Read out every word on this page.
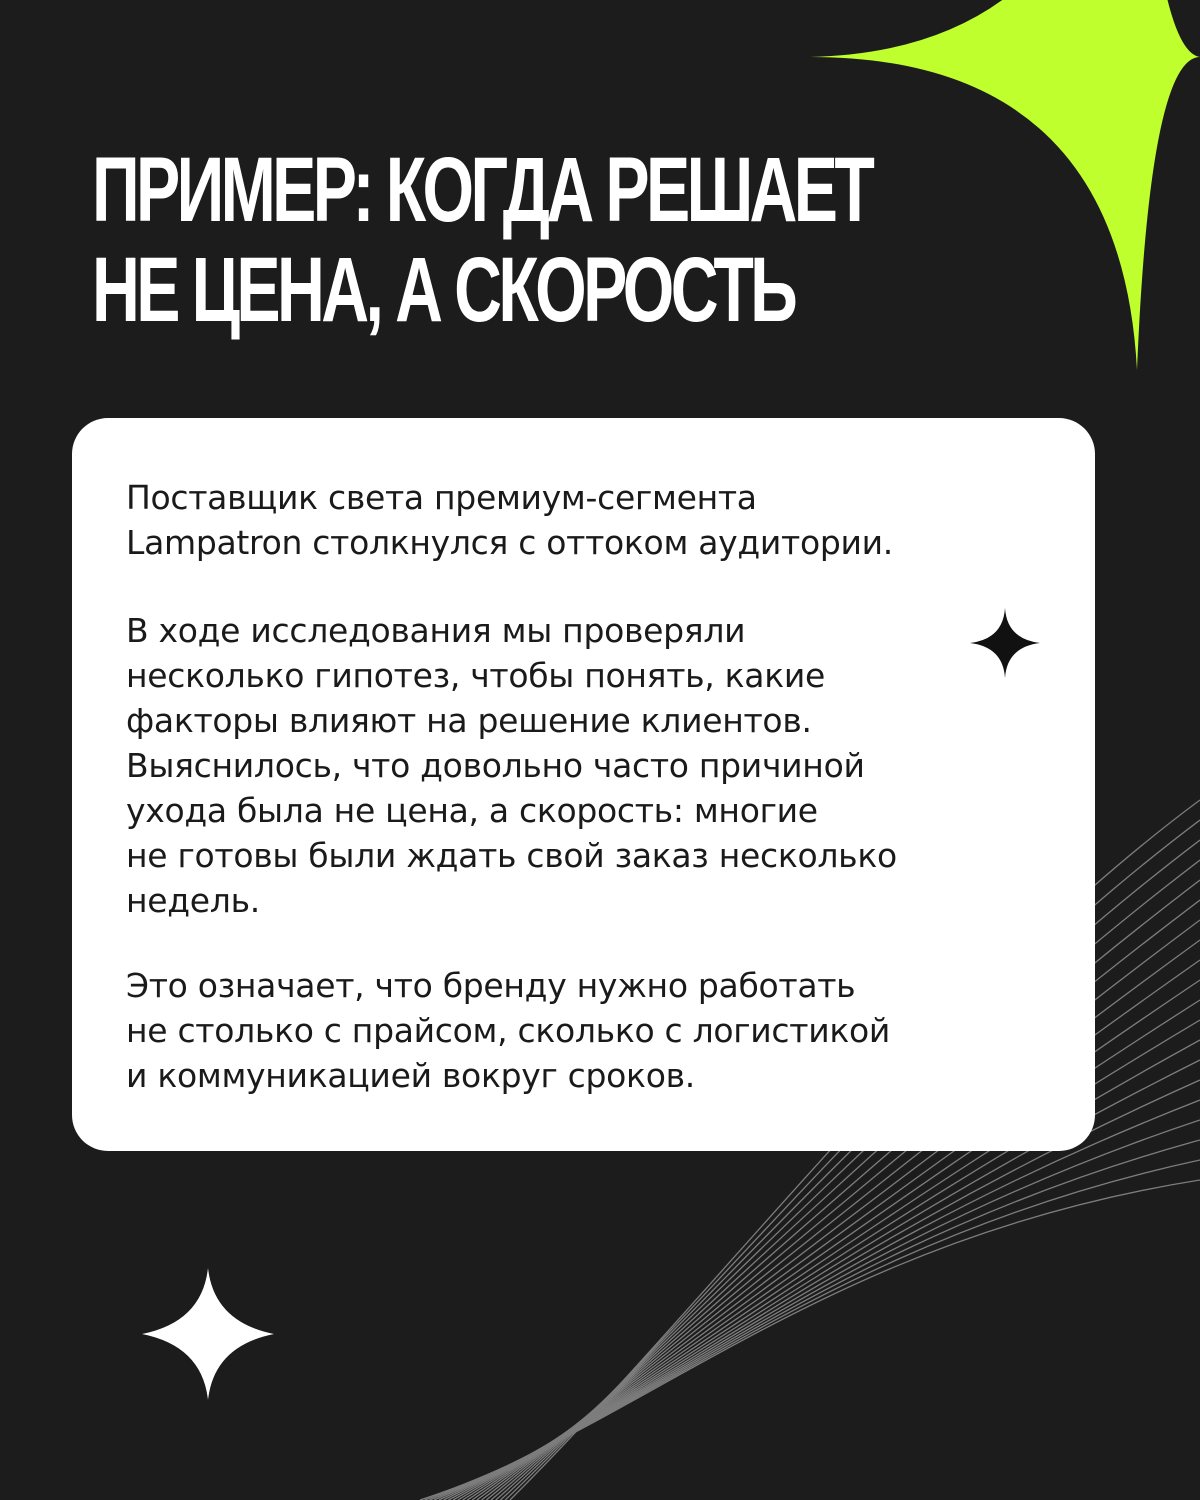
ПРИМЕР: КОГДА РЕШАЕТ
НЕ ЦЕНА, А СКОРОСТЬ

Поставщик света премиум-сегмента
Lampatron столкнулся с оттоком аудитории.

В ходе исследования мы проверяли
несколько гипотез, чтобы понять, какие
факторы влияют на решение клиентов.
Выяснилось, что довольно часто причиной
ухода была не цена, а скорость: многие
не готовы были ждать свой заказ несколько
недель.

Это означает, что бренду нужно работать
не столько с прайсом, сколько с логистикой
и коммуникацией вокруг сроков.
